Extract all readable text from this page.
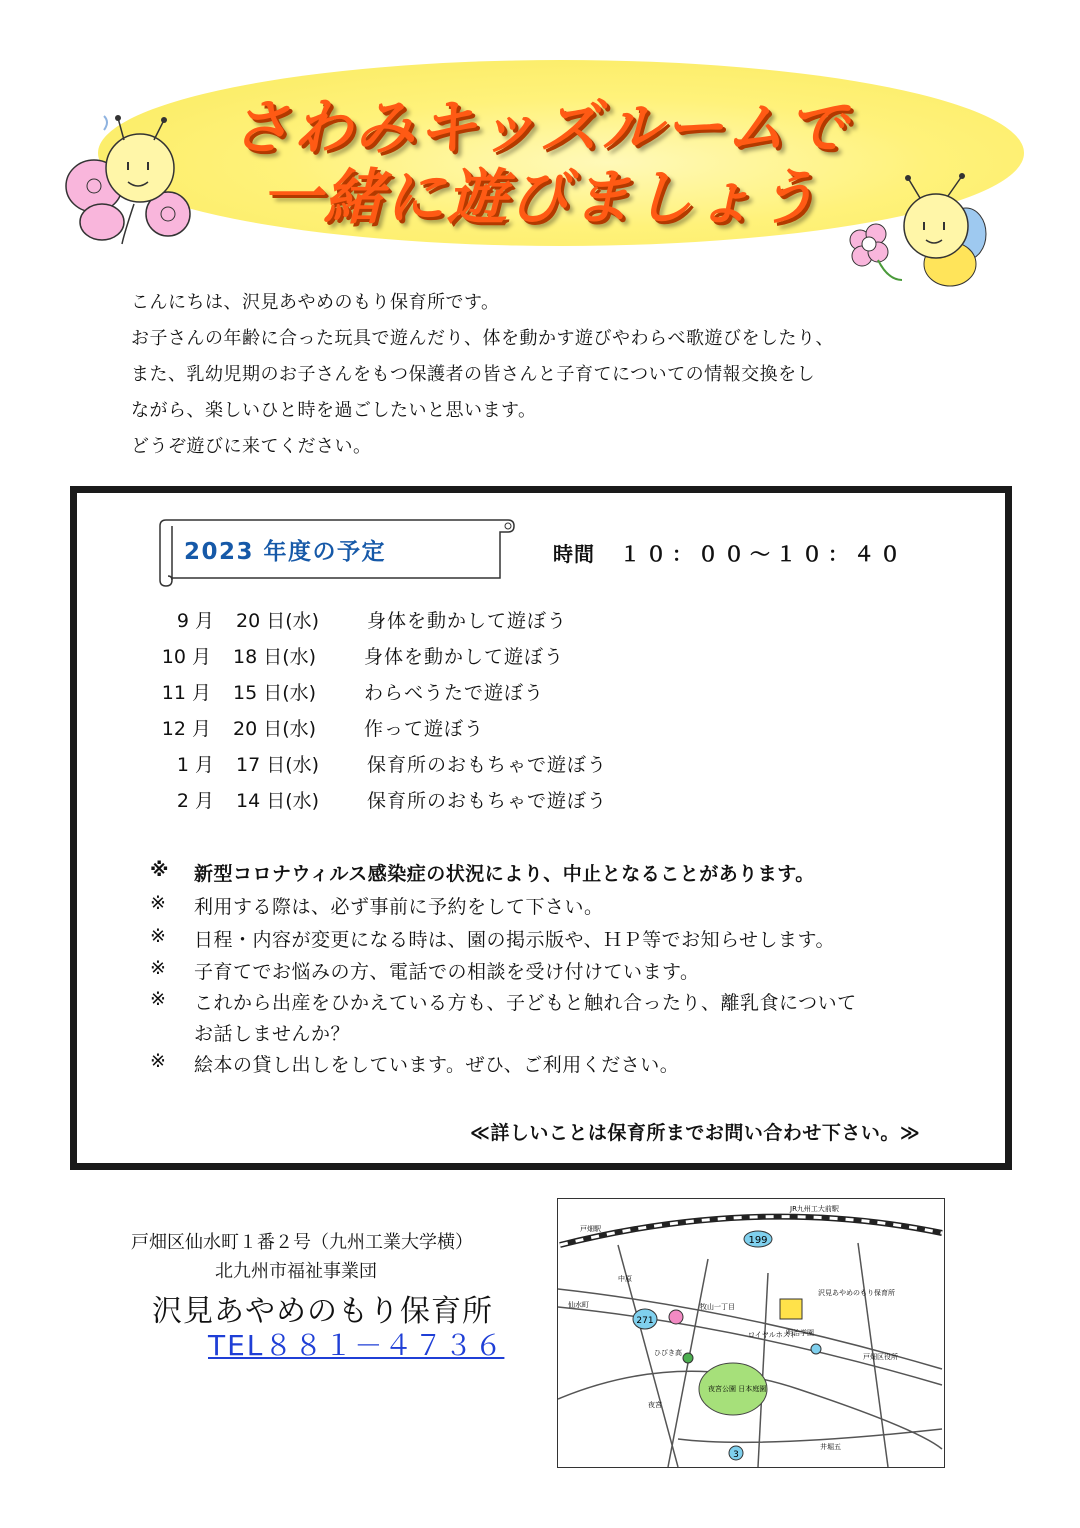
さわみキッズルームで
一緒に遊びましょう
こんにちは、沢見あやめのもり保育所です。
お子さんの年齢に合った玩具で遊んだり、体を動かす遊びやわらべ歌遊びをしたり、
また、乳幼児期のお子さんをもつ保護者の皆さんと子育てについての情報交換をし
ながら、楽しいひと時を過ごしたいと思います。
どうぞ遊びに来てください。
2023 年度の予定	時間 １０：００～１０：４０
9 月 20 日(水)	身体を動かして遊ぼう
10 月 18 日(水)	身体を動かして遊ぼう
11 月 15 日(水)	わらべうたで遊ぼう
12 月 20 日(水)	作って遊ぼう
1 月 17 日(水)	保育所のおもちゃで遊ぼう
2 月 14 日(水)	保育所のおもちゃで遊ぼう
※ 新型コロナウィルス感染症の状況により、中止となることがあります。
※ 利用する際は、必ず事前に予約をして下さい。
※ 日程・内容が変更になる時は、園の掲示版や、ＨＰ等でお知らせします。
※ 子育てでお悩みの方、電話での相談を受け付けています。
※ これから出産をひかえている方も、子どもと触れ合ったり、離乳食について
お話しませんか？
※ 絵本の貸し出しをしています。ぜひ、ご利用ください。
≪詳しいことは保育所までお問い合わせ下さい。≫
戸畑区仙水町１番２号（九州工業大学横）
北九州市福祉事業団
沢見あやめのもり保育所
TEL８８１－４７３６
199
271
3
沢見あやめのもり保育所
明治学園
ロイヤルホスト
ひびき高
仙水町
戸畑区役所
夜宮
井堀五
牧山一丁目
夜宮公園 日本庭園
JR九州工大前駅
戸畑駅
中原
